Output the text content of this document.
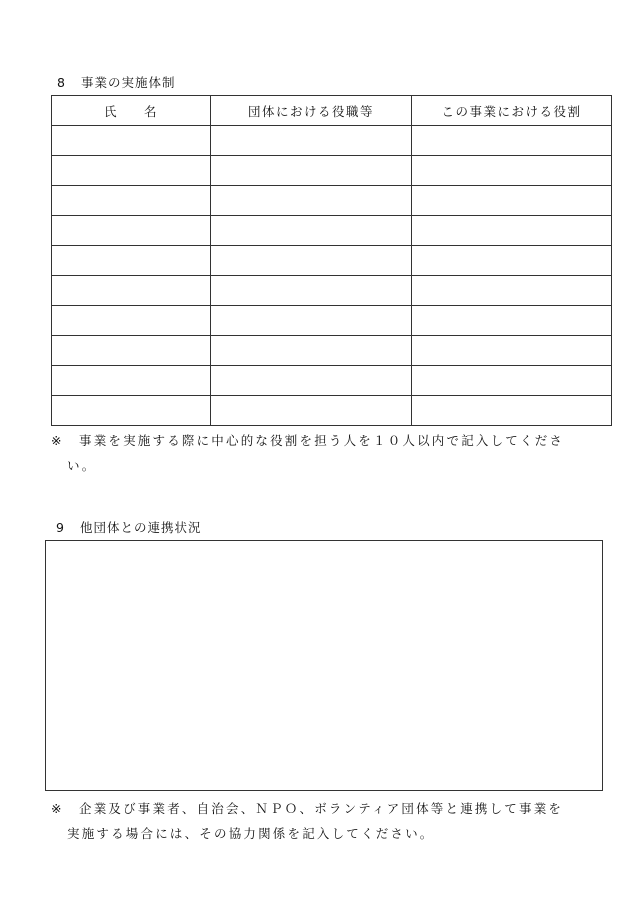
8 事業の実施体制
氏 名	団体における役職等	この事業における役割

※ 事業を実施する際に中心的な役割を担う人を１０人以内で記入してくださ
い。
9 他団体との連携状況
※ 企業及び事業者、自治会、ＮＰＯ、ボランティア団体等と連携して事業を
実施する場合には、その協力関係を記入してください。
